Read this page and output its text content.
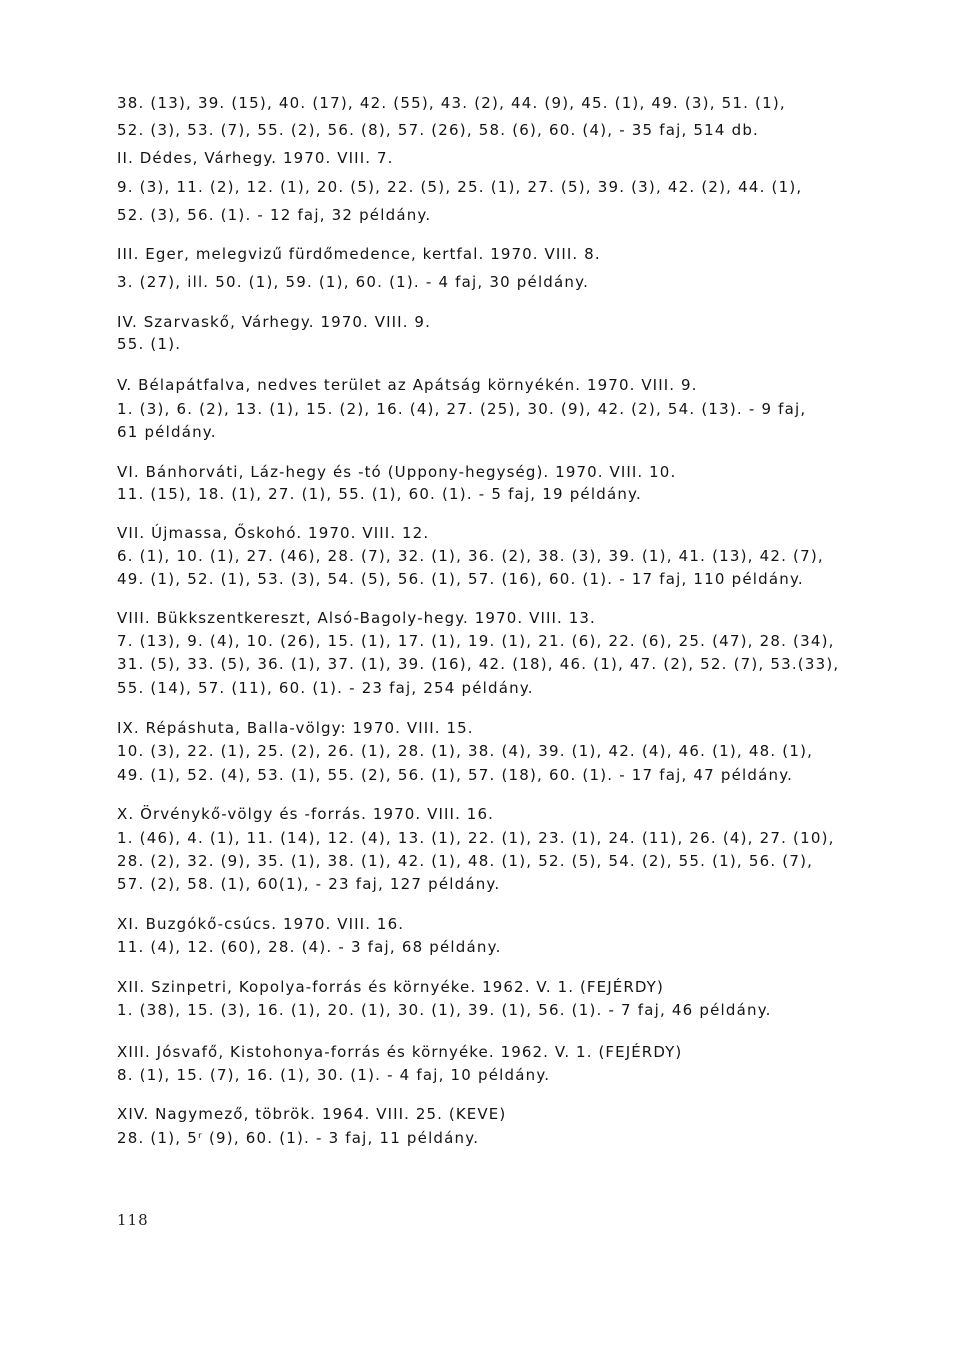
38. (13), 39. (15), 40. (17), 42. (55), 43. (2), 44. (9), 45. (1), 49. (3), 51. (1),
52. (3), 53. (7), 55. (2), 56. (8), 57. (26), 58. (6), 60. (4), - 35 faj, 514 db.
II. Dédes, Várhegy. 1970. VIII. 7.
9. (3), 11. (2), 12. (1), 20. (5), 22. (5), 25. (1), 27. (5), 39. (3), 42. (2), 44. (1),
52. (3), 56. (1). - 12 faj, 32 példány.
III. Eger, melegvizű fürdőmedence, kertfal. 1970. VIII. 8.
3. (27), ill. 50. (1), 59. (1), 60. (1). - 4 faj, 30 példány.
IV. Szarvaskő, Várhegy. 1970. VIII. 9.
55. (1).
V. Bélapátfalva, nedves terület az Apátság környékén. 1970. VIII. 9.
1. (3), 6. (2), 13. (1), 15. (2), 16. (4), 27. (25), 30. (9), 42. (2), 54. (13). - 9 faj,
61 példány.
VI. Bánhorváti, Láz-hegy és -tó (Uppony-hegység). 1970. VIII. 10.
11. (15), 18. (1), 27. (1), 55. (1), 60. (1). - 5 faj, 19 példány.
VII. Újmassa, Őskohó. 1970. VIII. 12.
6. (1), 10. (1), 27. (46), 28. (7), 32. (1), 36. (2), 38. (3), 39. (1), 41. (13), 42. (7),
49. (1), 52. (1), 53. (3), 54. (5), 56. (1), 57. (16), 60. (1). - 17 faj, 110 példány.
VIII. Bükkszentkereszt, Alsó-Bagoly-hegy. 1970. VIII. 13.
7. (13), 9. (4), 10. (26), 15. (1), 17. (1), 19. (1), 21. (6), 22. (6), 25. (47), 28. (34),
31. (5), 33. (5), 36. (1), 37. (1), 39. (16), 42. (18), 46. (1), 47. (2), 52. (7), 53.(33),
55. (14), 57. (11), 60. (1). - 23 faj, 254 példány.
IX. Répáshuta, Balla-völgy: 1970. VIII. 15.
10. (3), 22. (1), 25. (2), 26. (1), 28. (1), 38. (4), 39. (1), 42. (4), 46. (1), 48. (1),
49. (1), 52. (4), 53. (1), 55. (2), 56. (1), 57. (18), 60. (1). - 17 faj, 47 példány.
X. Örvénykő-völgy és -forrás. 1970. VIII. 16.
1. (46), 4. (1), 11. (14), 12. (4), 13. (1), 22. (1), 23. (1), 24. (11), 26. (4), 27. (10),
28. (2), 32. (9), 35. (1), 38. (1), 42. (1), 48. (1), 52. (5), 54. (2), 55. (1), 56. (7),
57. (2), 58. (1), 60(1), - 23 faj, 127 példány.
XI. Buzgókő-csúcs. 1970. VIII. 16.
11. (4), 12. (60), 28. (4). - 3 faj, 68 példány.
XII. Szinpetri, Kopolya-forrás és környéke. 1962. V. 1. (FEJÉRDY)
1. (38), 15. (3), 16. (1), 20. (1), 30. (1), 39. (1), 56. (1). - 7 faj, 46 példány.
XIII. Jósvafő, Kistohonya-forrás és környéke. 1962. V. 1. (FEJÉRDY)
8. (1), 15. (7), 16. (1), 30. (1). - 4 faj, 10 példány.
XIV. Nagymező, töbrök. 1964. VIII. 25. (KEVE)
28. (1), 5ʳ (9), 60. (1). - 3 faj, 11 példány.
118
